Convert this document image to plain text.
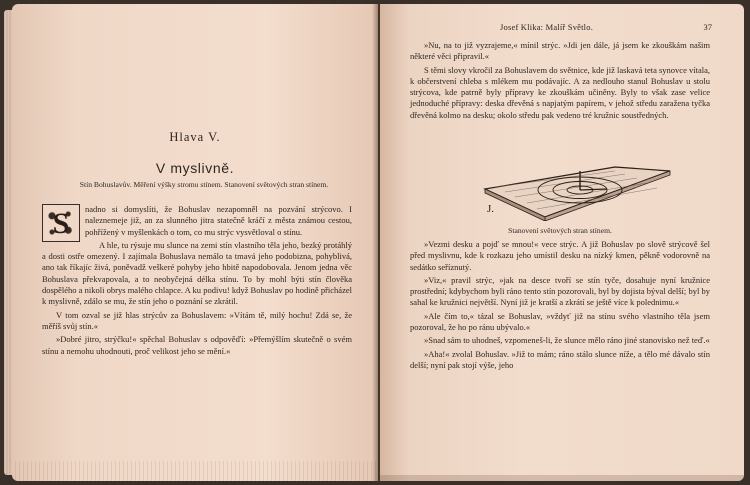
Hlava V.
V myslivně.
Stín Bohuslavův. Měření výšky stromu stínem. Stanovení světových stran stínem.

S	nadno si domyslíti, že Bohuslav nezapomněl na pozvání strýcovo. I naleznemeje již, an za slunného jitra statečně kráčí z města známou cestou, pohřížený v myšlenkách o tom, co mu strýc vysvětloval o stínu.

A hle, tu rýsuje mu slunce na zemi stín vlastního těla jeho, bezký protáhlý a dosti ostře omezený. I zajímala Bohuslava nemálo ta tmavá jeho podobizna, pohyblivá, ano tak říkajíc živá, poněvadž veškeré pohyby jeho hbitě napodobovala. Jenom jedna věc Bohuslava překvapovala, a to neobyčejná délka stínu. To by mohl býti stín člověka dospělého a nikoli obrys malého chlapce. A ku podivu! když Bohuslav po hodině přicházel k myslivně, zdálo se mu, že stín jeho o poznání se zkrátil.

V tom ozval se již hlas strýcův za Bohuslavem: »Vítám tě, milý hochu! Zdá se, že měříš svůj stín.«

»Dobré jitro, strýčku!« spěchal Bohuslav s odpověďí: »Přemýšlím skutečně o svém stínu a nemohu uhodnouti, proč velikost jeho se mění.«

Josef Klika: Malíř Světlo.	37

»Nu, na to již vyzrajeme,« mínil strýc. »Jdi jen dále, já jsem ke zkouškám našim některé věci připravil.«

S těmi slovy vkročil za Bohuslavem do světnice, kde již laskavá teta synovce vítala, k občerstvení chleba s mlékem mu podávajíc. A za nedlouho stanul Bohuslav u stolu strýcova, kde patrně byly přípravy ke zkouškám učiněny. Byly to však zase velice jednoduché přípravy: deska dřevěná s napjatým papírem, v jehož středu zaražena tyčka dřevěná kolmo na desku; okolo středu pak vedeno tré kružnic soustředných.

J.
Stanovení světových stran stínem.

»Vezmi desku a pojď se mnou!« vece strýc. A již Bohuslav po slově strýcově šel před myslivnu, kde k rozkazu jeho umístil desku na nízký kmen, pěkně vodorovně na sedátko seříznutý.

»Viz,« pravil strýc, »jak na desce tvoří se stín tyče, dosahuje nyní kružnice prostřední; kdybychom byli ráno tento stín pozorovali, byl by dojista býval delší; byl by sahal ke kružnici největší. Nyní již je kratší a zkrátí se ještě více k polednimu.«

»Ale čím to,« tázal se Bohuslav, »vždyť již na stínu svého vlastního těla jsem pozoroval, že ho po ránu ubývalo.«

»Snad sám to uhodneš, vzpomeneš-li, že slunce mělo ráno jiné stanovisko než teď.«

»Aha!« zvolal Bohuslav. »Již to mám; ráno stálo slunce níže, a tělo mé dávalo stín delší; nyní pak stojí výše, jeho
